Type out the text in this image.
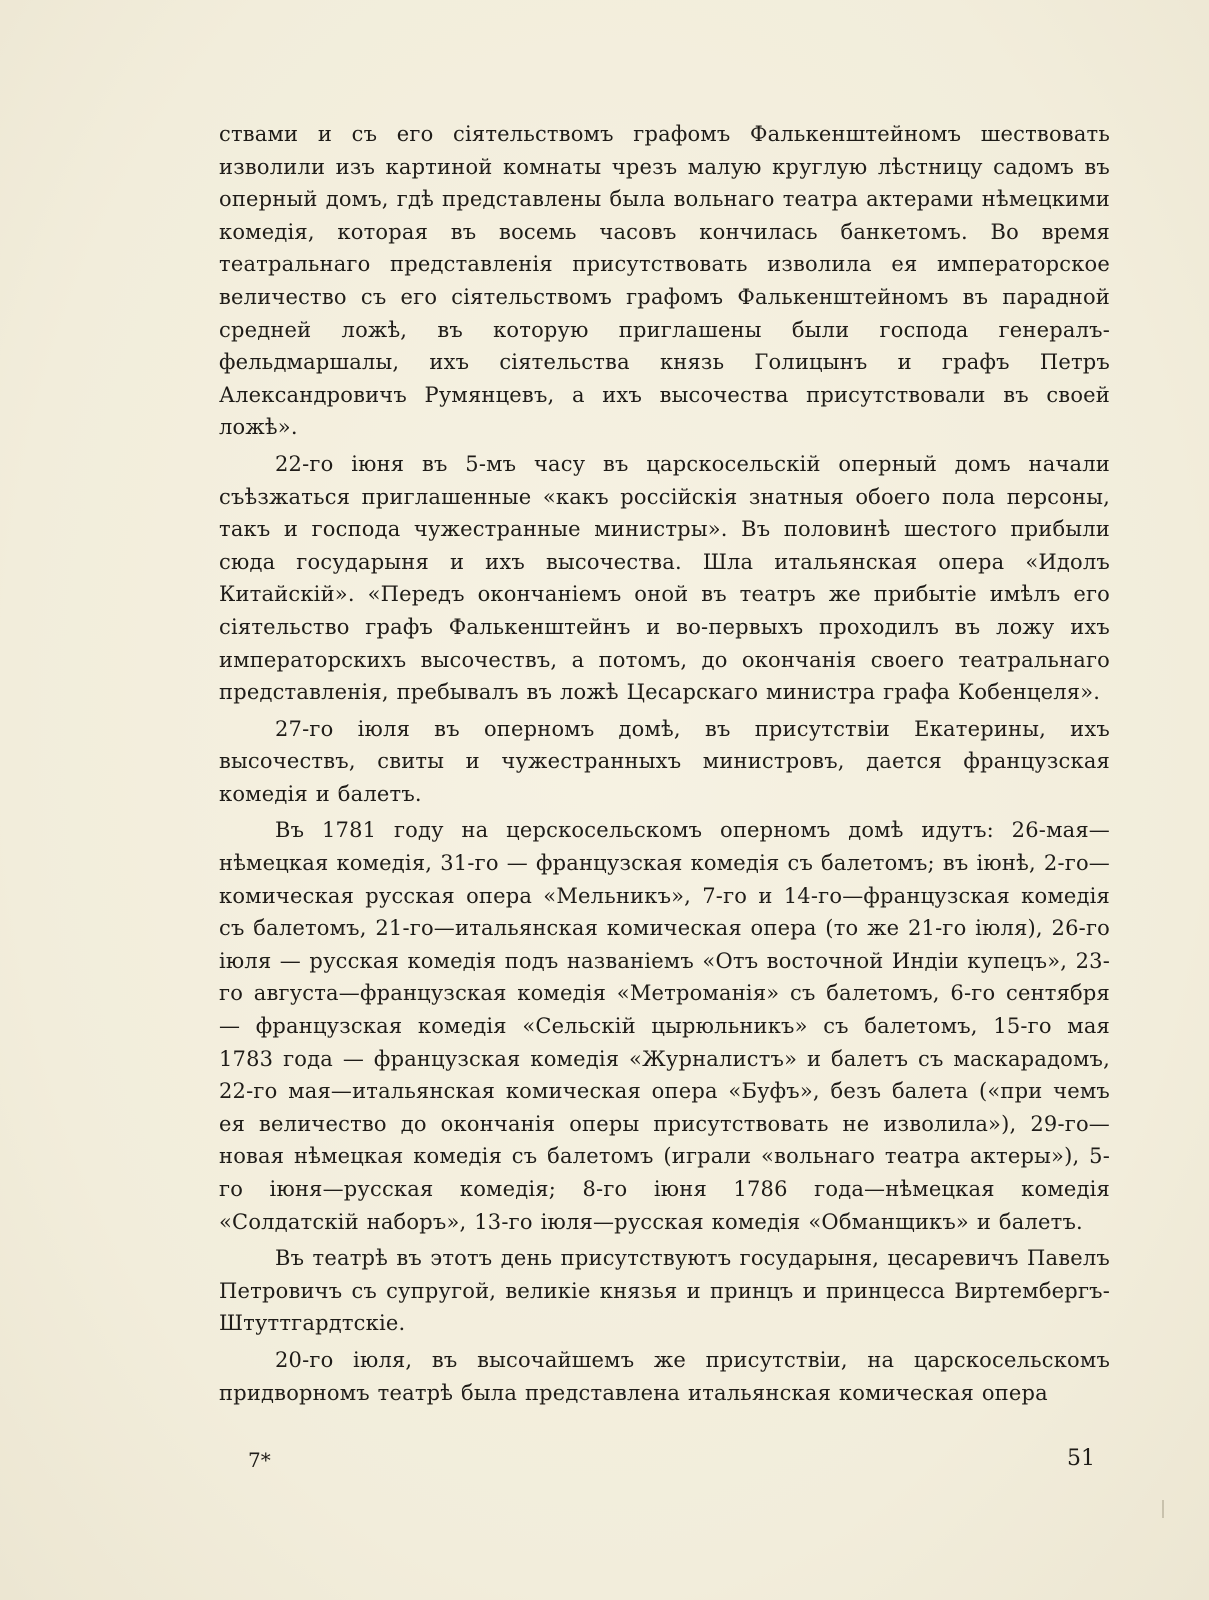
ствами и съ его сіятельствомъ графомъ Фалькенштейномъ шествовать изволили изъ картиной комнаты чрезъ малую круглую лѣстницу садомъ въ оперный домъ, гдѣ представлены была вольнаго театра актерами нѣмецкими комедія, которая въ восемь часовъ кончилась банкетомъ. Во время театральнаго представленія присутствовать изволила ея императорское величество съ его сіятельствомъ графомъ Фалькенштейномъ въ парадной средней ложѣ, въ которую приглашены были господа генералъ-фельдмаршалы, ихъ сіятельства князь Голицынъ и графъ Петръ Александровичъ Румянцевъ, а ихъ высочества присутствовали въ своей ложѣ».

22-го іюня въ 5-мъ часу въ царскосельскій оперный домъ начали съѣзжаться приглашенные «какъ россійскія знатныя обоего пола персоны, такъ и господа чужестранные министры». Въ половинѣ шестого прибыли сюда государыня и ихъ высочества. Шла итальянская опера «Идолъ Китайскій». «Передъ окончаніемъ оной въ театръ же прибытіе имѣлъ его сіятельство графъ Фалькенштейнъ и во-первыхъ проходилъ въ ложу ихъ императорскихъ высочествъ, а потомъ, до окончанія своего театральнаго представленія, пребывалъ въ ложѣ Цесарскаго министра графа Кобенцеля».

27-го іюля въ оперномъ домѣ, въ присутствіи Екатерины, ихъ высочествъ, свиты и чужестранныхъ министровъ, дается французская комедія и балетъ.

Въ 1781 году на церскосельскомъ оперномъ домѣ идутъ: 26-мая— нѣмецкая комедія, 31-го — французская комедія съ балетомъ; въ іюнѣ, 2-го—комическая русская опера «Мельникъ», 7-го и 14-го—французская комедія съ балетомъ, 21-го—итальянская комическая опера (то же 21-го іюля), 26-го іюля — русская комедія подъ названіемъ «Отъ восточной Индіи купецъ», 23-го августа—французская комедія «Метроманія» съ балетомъ, 6-го сентября — французская комедія «Сельскій цырюльникъ» съ балетомъ, 15-го мая 1783 года — французская комедія «Журналистъ» и балетъ съ маскарадомъ, 22-го мая—итальянская комическая опера «Буфъ», безъ балета («при чемъ ея величество до окончанія оперы присутствовать не изволила»), 29-го—новая нѣмецкая комедія съ балетомъ (играли «вольнаго театра актеры»), 5-го іюня—русская комедія; 8-го іюня 1786 года—нѣмецкая комедія «Солдатскій наборъ», 13-го іюля—русская комедія «Обманщикъ» и балетъ.

Въ театрѣ въ этотъ день присутствуютъ государыня, цесаревичъ Павелъ Петровичъ съ супругой, великіе князья и принцъ и принцесса Виртембергъ-Штуттгардтскіе.

20-го іюля, въ высочайшемъ же присутствіи, на царскосельскомъ придворномъ театрѣ была представлена итальянская комическая опера

7*	51
